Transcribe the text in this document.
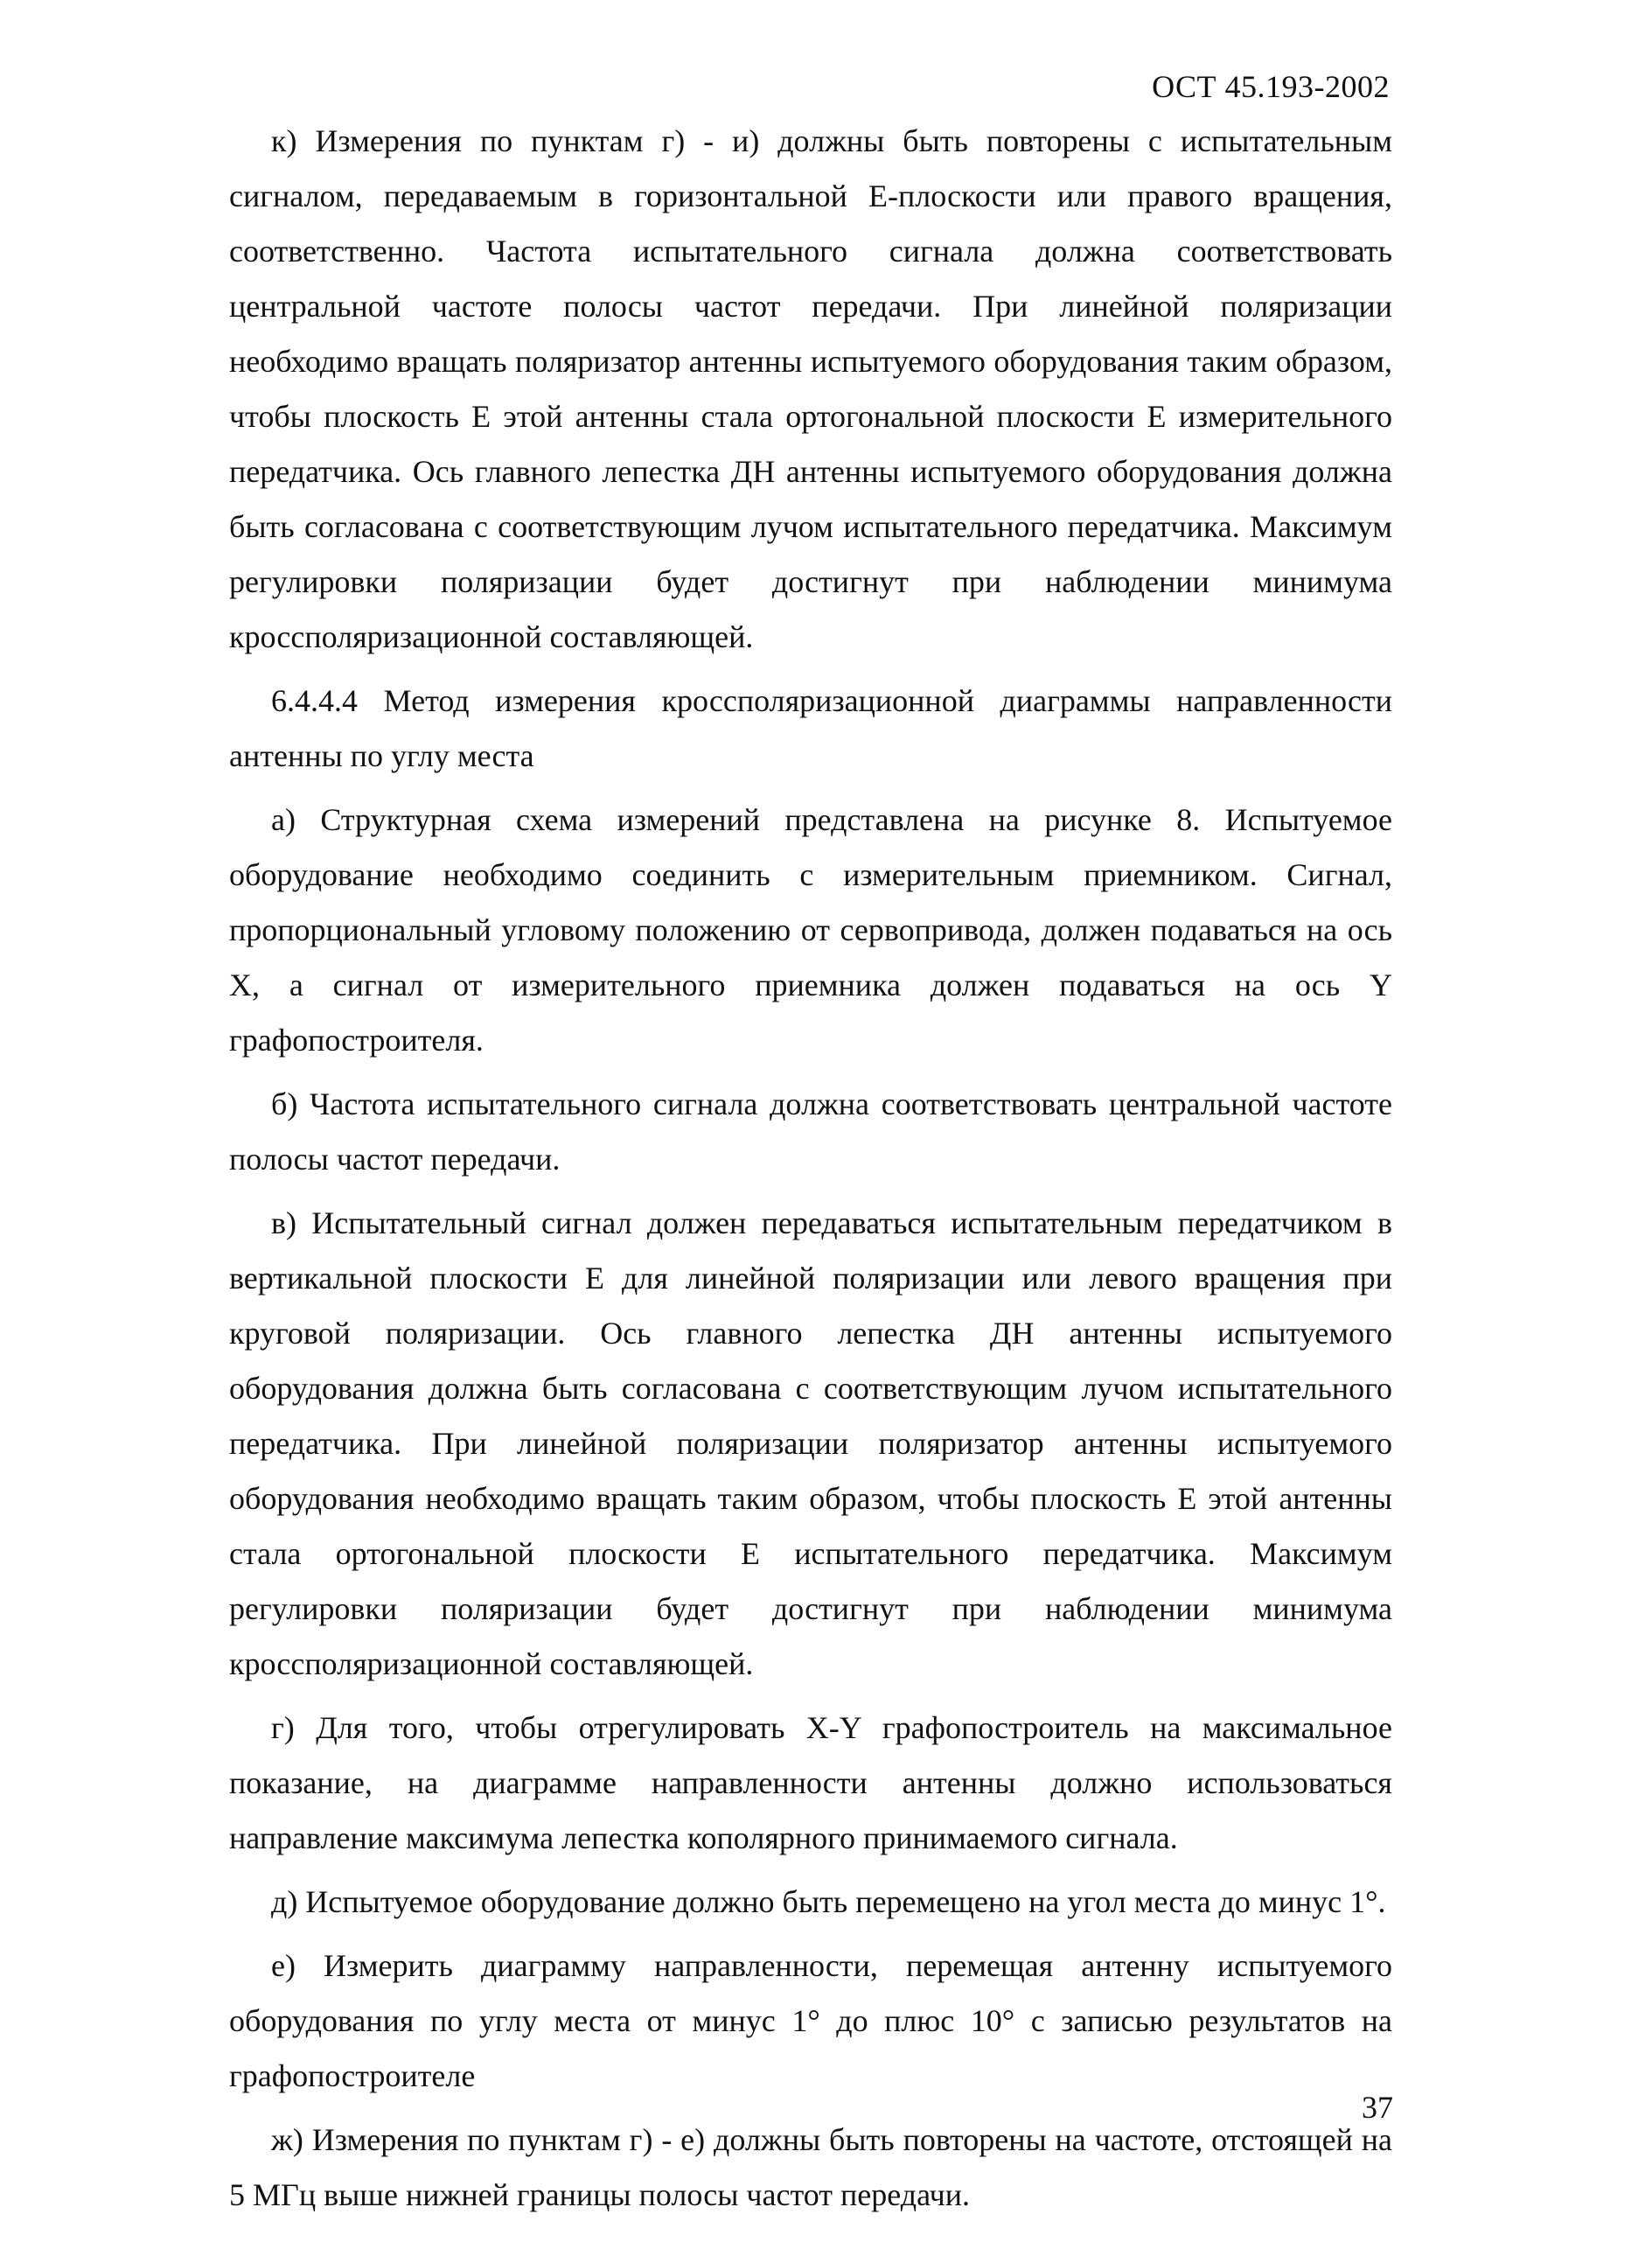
ОСТ 45.193-2002

к) Измерения по пунктам г) - и) должны быть повторены с испытательным сигналом, передаваемым в горизонтальной Е-плоскости или правого вращения, соответственно. Частота испытательного сигнала должна соответствовать центральной частоте полосы частот передачи. При линейной поляризации необходимо вращать поляризатор антенны испытуемого оборудования таким образом, чтобы плоскость Е этой антенны стала ортогональной плоскости Е измерительного передатчика. Ось главного лепестка ДН антенны испытуемого оборудования должна быть согласована с соответствующим лучом испытательного передатчика. Максимум регулировки поляризации будет достигнут при наблюдении минимума кроссполяризационной составляющей.

6.4.4.4 Метод измерения кроссполяризационной диаграммы направленности антенны по углу места

а) Структурная схема измерений представлена на рисунке 8. Испытуемое оборудование необходимо соединить с измерительным приемником. Сигнал, пропорциональный угловому положению от сервопривода, должен подаваться на ось X, а сигнал от измерительного приемника должен подаваться на ось Y графопостроителя.

б) Частота испытательного сигнала должна соответствовать центральной частоте полосы частот передачи.

в) Испытательный сигнал должен передаваться испытательным передатчиком в вертикальной плоскости Е для линейной поляризации или левого вращения при круговой поляризации. Ось главного лепестка ДН антенны испытуемого оборудования должна быть согласована с соответствующим лучом испытательного передатчика. При линейной поляризации поляризатор антенны испытуемого оборудования необходимо вращать таким образом, чтобы плоскость Е этой антенны стала ортогональной плоскости Е испытательного передатчика. Максимум регулировки поляризации будет достигнут при наблюдении минимума кроссполяризационной составляющей.

г) Для того, чтобы отрегулировать X-Y графопостроитель на максимальное показание, на диаграмме направленности антенны должно использоваться направление максимума лепестка кополярного принимаемого сигнала.

д) Испытуемое оборудование должно быть перемещено на угол места до минус 1°.

е) Измерить диаграмму направленности, перемещая антенну испытуемого оборудования по углу места от минус 1° до плюс 10° с записью результатов на графопостроителе

ж) Измерения по пунктам г) - е) должны быть повторены на частоте, отстоящей на 5 МГц выше нижней границы полосы частот передачи.

37
